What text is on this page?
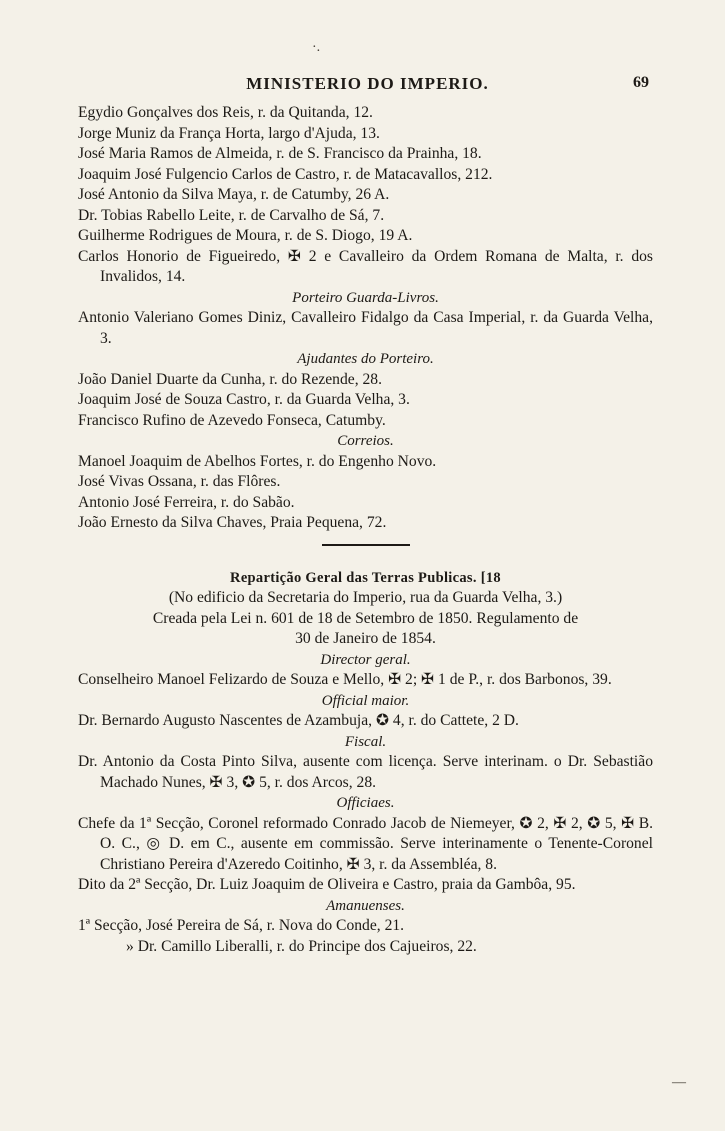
MINISTERIO DO IMPERIO.	69

Egydio Gonçalves dos Reis, r. da Quitanda, 12.

Jorge Muniz da França Horta, largo d'Ajuda, 13.

José Maria Ramos de Almeida, r. de S. Francisco da Prainha, 18.

Joaquim José Fulgencio Carlos de Castro, r. de Matacavallos, 212.

José Antonio da Silva Maya, r. de Catumby, 26 A.

Dr. Tobias Rabello Leite, r. de Carvalho de Sá, 7.

Guilherme Rodrigues de Moura, r. de S. Diogo, 19 A.

Carlos Honorio de Figueiredo, ✠ 2 e Cavalleiro da Ordem Romana de Malta, r. dos Invalidos, 14.

Porteiro Guarda-Livros.

Antonio Valeriano Gomes Diniz, Cavalleiro Fidalgo da Casa Imperial, r. da Guarda Velha, 3.

Ajudantes do Porteiro.

João Daniel Duarte da Cunha, r. do Rezende, 28.

Joaquim José de Souza Castro, r. da Guarda Velha, 3.

Francisco Rufino de Azevedo Fonseca, Catumby.

Correios.

Manoel Joaquim de Abelhos Fortes, r. do Engenho Novo.

José Vivas Ossana, r. das Flôres.

Antonio José Ferreira, r. do Sabão.

João Ernesto da Silva Chaves, Praia Pequena, 72.

Repartição Geral das Terras Publicas. [18

(No edificio da Secretaria do Imperio, rua da Guarda Velha, 3.)

Creada pela Lei n. 601 de 18 de Setembro de 1850. Regulamento de

30 de Janeiro de 1854.

Director geral.

Conselheiro Manoel Felizardo de Souza e Mello, ✠ 2; ✠ 1 de P., r. dos Barbonos, 39.

Official maior.

Dr. Bernardo Augusto Nascentes de Azambuja, ✪ 4, r. do Cattete, 2 D.

Fiscal.

Dr. Antonio da Costa Pinto Silva, ausente com licença. Serve interinam. o Dr. Sebastião Machado Nunes, ✠ 3, ✪ 5, r. dos Arcos, 28.

Officiaes.

Chefe da 1ª Secção, Coronel reformado Conrado Jacob de Niemeyer, ✪ 2, ✠ 2, ✪ 5, ✠ B. O. C., ◎ D. em C., ausente em commissão. Serve interinamente o Tenente-Coronel Christiano Pereira d'Azeredo Coitinho, ✠ 3, r. da Assembléa, 8.

Dito da 2ª Secção, Dr. Luiz Joaquim de Oliveira e Castro, praia da Gambôa, 95.

Amanuenses.

1ª Secção, José Pereira de Sá, r. Nova do Conde, 21.

» Dr. Camillo Liberalli, r. do Principe dos Cajueiros, 22.

·.
—
